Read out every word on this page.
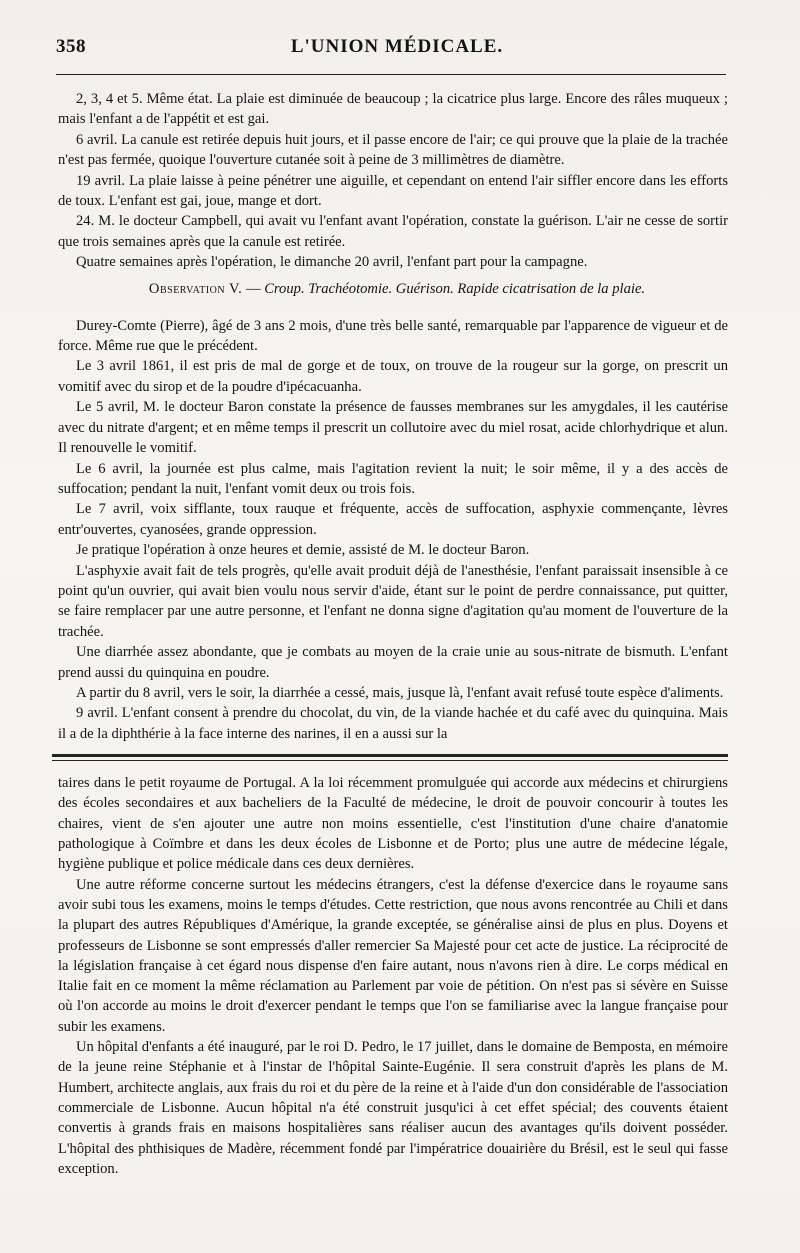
358	L'UNION MÉDICALE.

2, 3, 4 et 5. Même état. La plaie est diminuée de beaucoup ; la cicatrice plus large. Encore des râles muqueux ; mais l'enfant a de l'appétit et est gai.

6 avril. La canule est retirée depuis huit jours, et il passe encore de l'air; ce qui prouve que la plaie de la trachée n'est pas fermée, quoique l'ouverture cutanée soit à peine de 3 millimètres de diamètre.

19 avril. La plaie laisse à peine pénétrer une aiguille, et cependant on entend l'air siffler encore dans les efforts de toux. L'enfant est gai, joue, mange et dort.

24. M. le docteur Campbell, qui avait vu l'enfant avant l'opération, constate la guérison. L'air ne cesse de sortir que trois semaines après que la canule est retirée.

Quatre semaines après l'opération, le dimanche 20 avril, l'enfant part pour la campagne.

Observation V. — Croup. Trachéotomie. Guérison. Rapide cicatrisation de la plaie.

Durey-Comte (Pierre), âgé de 3 ans 2 mois, d'une très belle santé, remarquable par l'apparence de vigueur et de force. Même rue que le précédent.

Le 3 avril 1861, il est pris de mal de gorge et de toux, on trouve de la rougeur sur la gorge, on prescrit un vomitif avec du sirop et de la poudre d'ipécacuanha.

Le 5 avril, M. le docteur Baron constate la présence de fausses membranes sur les amygdales, il les cautérise avec du nitrate d'argent; et en même temps il prescrit un collutoire avec du miel rosat, acide chlorhydrique et alun. Il renouvelle le vomitif.

Le 6 avril, la journée est plus calme, mais l'agitation revient la nuit; le soir même, il y a des accès de suffocation; pendant la nuit, l'enfant vomit deux ou trois fois.

Le 7 avril, voix sifflante, toux rauque et fréquente, accès de suffocation, asphyxie commençante, lèvres entr'ouvertes, cyanosées, grande oppression.

Je pratique l'opération à onze heures et demie, assisté de M. le docteur Baron.

L'asphyxie avait fait de tels progrès, qu'elle avait produit déjà de l'anesthésie, l'enfant paraissait insensible à ce point qu'un ouvrier, qui avait bien voulu nous servir d'aide, étant sur le point de perdre connaissance, put quitter, se faire remplacer par une autre personne, et l'enfant ne donna signe d'agitation qu'au moment de l'ouverture de la trachée.

Une diarrhée assez abondante, que je combats au moyen de la craie unie au sous-nitrate de bismuth. L'enfant prend aussi du quinquina en poudre.

A partir du 8 avril, vers le soir, la diarrhée a cessé, mais, jusque là, l'enfant avait refusé toute espèce d'aliments.

9 avril. L'enfant consent à prendre du chocolat, du vin, de la viande hachée et du café avec du quinquina. Mais il a de la diphthérie à la face interne des narines, il en a aussi sur la

taires dans le petit royaume de Portugal. A la loi récemment promulguée qui accorde aux médecins et chirurgiens des écoles secondaires et aux bacheliers de la Faculté de médecine, le droit de pouvoir concourir à toutes les chaires, vient de s'en ajouter une autre non moins essentielle, c'est l'institution d'une chaire d'anatomie pathologique à Coïmbre et dans les deux écoles de Lisbonne et de Porto; plus une autre de médecine légale, hygiène publique et police médicale dans ces deux dernières.

Une autre réforme concerne surtout les médecins étrangers, c'est la défense d'exercice dans le royaume sans avoir subi tous les examens, moins le temps d'études. Cette restriction, que nous avons rencontrée au Chili et dans la plupart des autres Républiques d'Amérique, la grande exceptée, se généralise ainsi de plus en plus. Doyens et professeurs de Lisbonne se sont empressés d'aller remercier Sa Majesté pour cet acte de justice. La réciprocité de la législation française à cet égard nous dispense d'en faire autant, nous n'avons rien à dire. Le corps médical en Italie fait en ce moment la même réclamation au Parlement par voie de pétition. On n'est pas si sévère en Suisse où l'on accorde au moins le droit d'exercer pendant le temps que l'on se familiarise avec la langue française pour subir les examens.

Un hôpital d'enfants a été inauguré, par le roi D. Pedro, le 17 juillet, dans le domaine de Bemposta, en mémoire de la jeune reine Stéphanie et à l'instar de l'hôpital Sainte-Eugénie. Il sera construit d'après les plans de M. Humbert, architecte anglais, aux frais du roi et du père de la reine et à l'aide d'un don considérable de l'association commerciale de Lisbonne. Aucun hôpital n'a été construit jusqu'ici à cet effet spécial; des couvents étaient convertis à grands frais en maisons hospitalières sans réaliser aucun des avantages qu'ils doivent posséder. L'hôpital des phthisiques de Madère, récemment fondé par l'impératrice douairière du Brésil, est le seul qui fasse exception.
